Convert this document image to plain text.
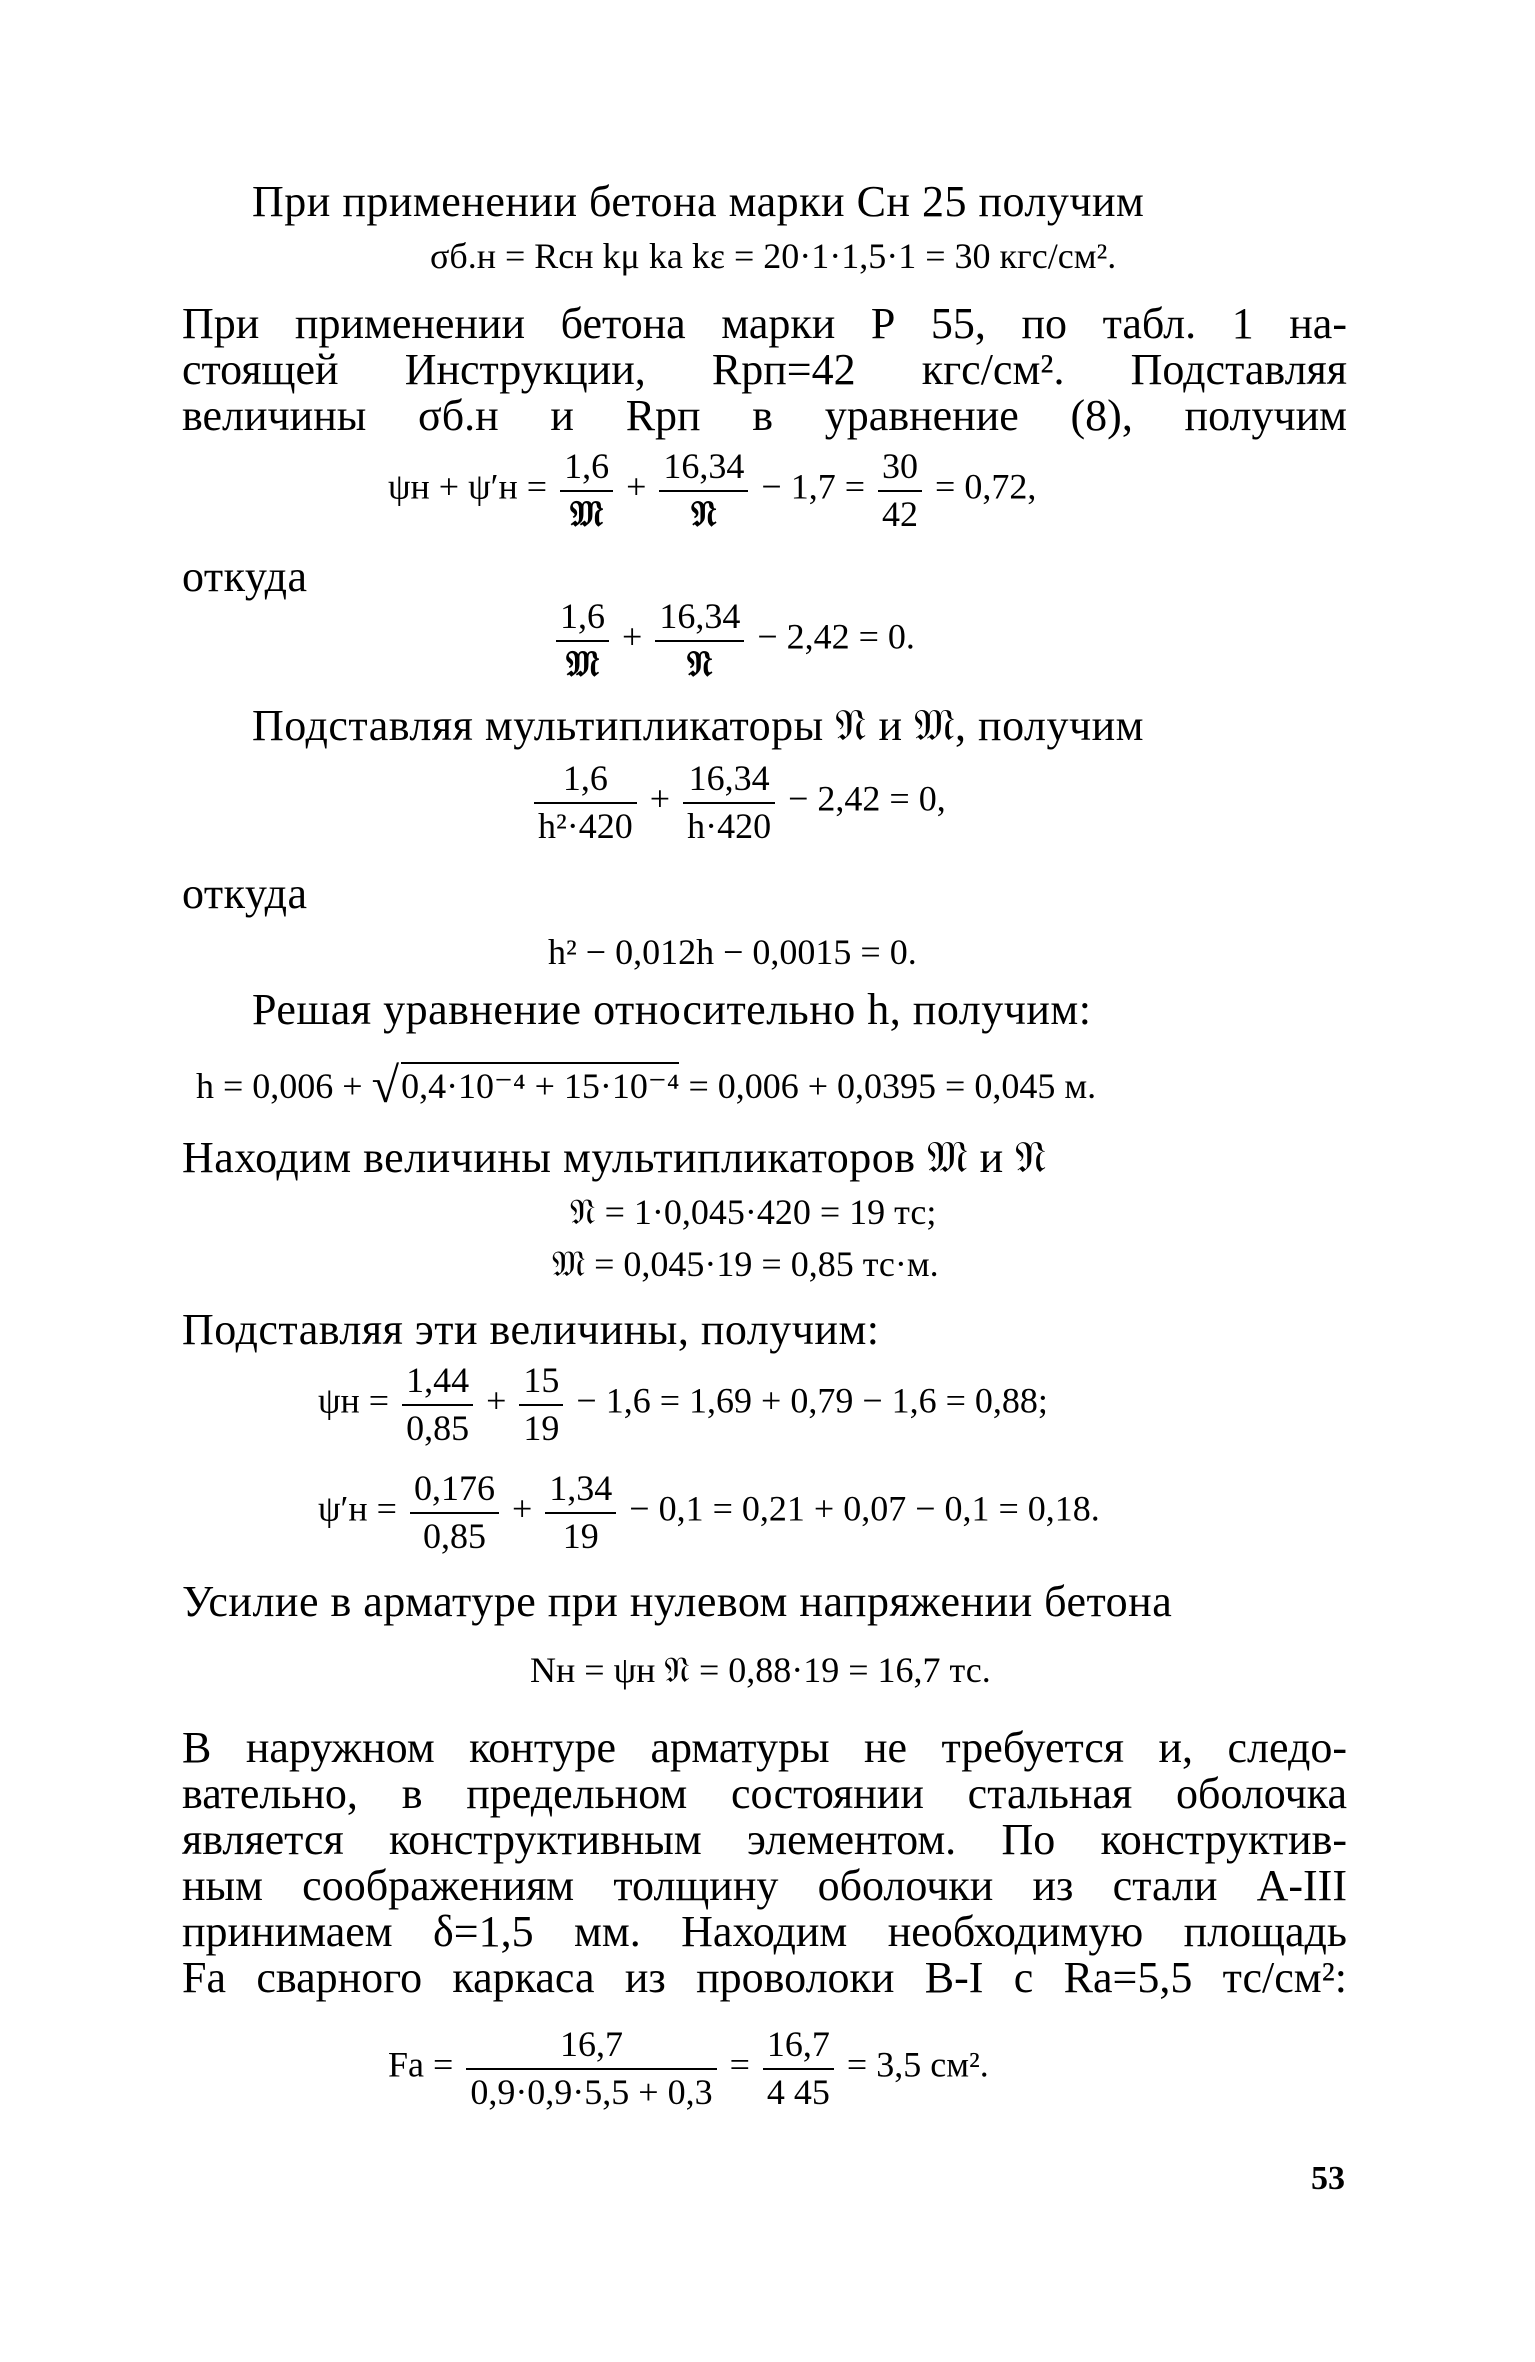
При применении бетона марки Сн 25 получим
σб.н = Rсн kμ kа kε = 20·1·1,5·1 = 30 кгс/см².
При применении бетона марки Р 55, по табл. 1 на-
стоящей Инструкции, Rрп=42 кгс/см². Подставляя
величины σб.н и Rрп в уравнение (8), получим
$\psi н + \psi'н = \frac{1,6}{\text{𝔐}} + \frac{16,34}{\text{𝔑}} - 1,7 = \frac{30}{42} = 0,72$,
откуда
$\frac{1,6}{\text{𝔐}} + \frac{16,34}{\text{𝔑}} - 2,42 = 0$.
Подставляя мультипликаторы 𝔑 и 𝔐, получим
$\frac{1,6}{\text{h²·420}} + \frac{16,34}{h\cdot 420} - 2,42 = 0$,
откуда
h² − 0,012h − 0,0015 = 0.
Решая уравнение относительно h, получим:
h = 0,006 + √0,4·10⁻⁴ + 15·10⁻⁴ = 0,006 + 0,0395 = 0,045 м.
Находим величины мультипликаторов 𝔐 и 𝔑
𝔑 = 1·0,045·420 = 19 тс;
𝔐 = 0,045·19 = 0,85 тс·м.
Подставляя эти величины, получим:
$\psi н = \frac{1,44}{0,85} + \frac{15}{19} - 1,6 = 1,69 + 0,79 - 1,6 = 0,88$;
$\psi'н = \frac{0,176}{0,85} + \frac{1,34}{19} - 0,1 = 0,21 + 0,07 - 0,1 = 0,18$.
Усилие в арматуре при нулевом напряжении бетона
Nн = ψн 𝔑 = 0,88·19 = 16,7 тс.
В наружном контуре арматуры не требуется и, следо-
вательно, в предельном состоянии стальная оболочка
является конструктивным элементом. По конструктив-
ным соображениям толщину оболочки из стали А-III
принимаем δ=1,5 мм. Находим необходимую площадь
Fа сварного каркаса из проволоки В-I с Rа=5,5 тс/см²:
Fа = $\frac{16,7}{0,9\cdot 0,9\cdot 5,5 + 0,3} = \frac{16,7}{4 45} = 3,5$ см².
53
